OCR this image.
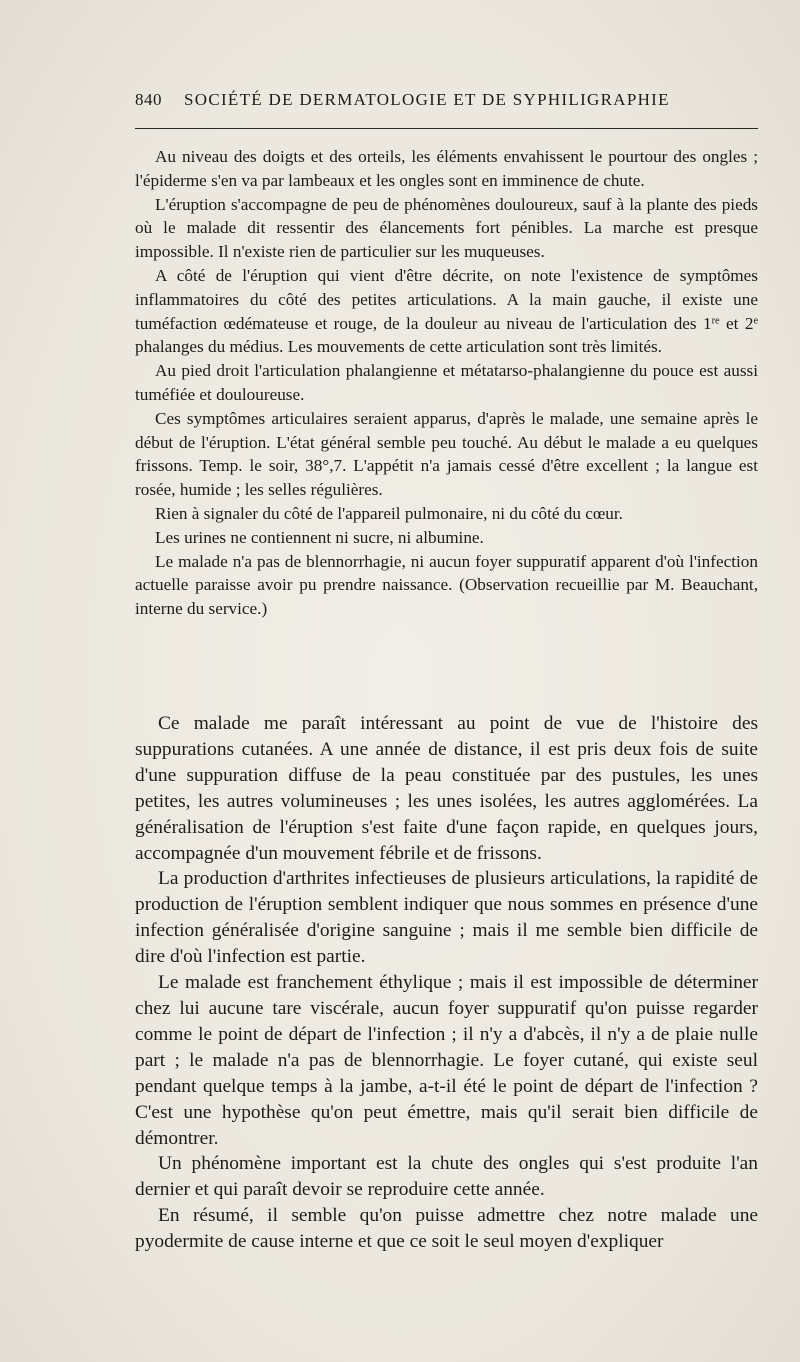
840 SOCIÉTÉ DE DERMATOLOGIE ET DE SYPHILIGRAPHIE

Au niveau des doigts et des orteils, les éléments envahissent le pourtour des ongles ; l'épiderme s'en va par lambeaux et les ongles sont en imminence de chute.

L'éruption s'accompagne de peu de phénomènes douloureux, sauf à la plante des pieds où le malade dit ressentir des élancements fort pénibles. La marche est presque impossible. Il n'existe rien de particulier sur les muqueuses.

A côté de l'éruption qui vient d'être décrite, on note l'existence de symptômes inflammatoires du côté des petites articulations. A la main gauche, il existe une tuméfaction œdémateuse et rouge, de la douleur au niveau de l'articulation des 1re et 2e phalanges du médius. Les mouvements de cette articulation sont très limités.

Au pied droit l'articulation phalangienne et métatarso-phalangienne du pouce est aussi tuméfiée et douloureuse.

Ces symptômes articulaires seraient apparus, d'après le malade, une semaine après le début de l'éruption. L'état général semble peu touché. Au début le malade a eu quelques frissons. Temp. le soir, 38°,7. L'appétit n'a jamais cessé d'être excellent ; la langue est rosée, humide ; les selles régulières.

Rien à signaler du côté de l'appareil pulmonaire, ni du côté du cœur.

Les urines ne contiennent ni sucre, ni albumine.

Le malade n'a pas de blennorrhagie, ni aucun foyer suppuratif apparent d'où l'infection actuelle paraisse avoir pu prendre naissance. (Observation recueillie par M. Beauchant, interne du service.)

Ce malade me paraît intéressant au point de vue de l'histoire des suppurations cutanées. A une année de distance, il est pris deux fois de suite d'une suppuration diffuse de la peau constituée par des pustules, les unes petites, les autres volumineuses ; les unes isolées, les autres agglomérées. La généralisation de l'éruption s'est faite d'une façon rapide, en quelques jours, accompagnée d'un mouvement fébrile et de frissons.

La production d'arthrites infectieuses de plusieurs articulations, la rapidité de production de l'éruption semblent indiquer que nous sommes en présence d'une infection généralisée d'origine sanguine ; mais il me semble bien difficile de dire d'où l'infection est partie.

Le malade est franchement éthylique ; mais il est impossible de déterminer chez lui aucune tare viscérale, aucun foyer suppuratif qu'on puisse regarder comme le point de départ de l'infection ; il n'y a d'abcès, il n'y a de plaie nulle part ; le malade n'a pas de blennorrhagie. Le foyer cutané, qui existe seul pendant quelque temps à la jambe, a-t-il été le point de départ de l'infection ? C'est une hypothèse qu'on peut émettre, mais qu'il serait bien difficile de démontrer.

Un phénomène important est la chute des ongles qui s'est produite l'an dernier et qui paraît devoir se reproduire cette année.

En résumé, il semble qu'on puisse admettre chez notre malade une pyodermite de cause interne et que ce soit le seul moyen d'expliquer
